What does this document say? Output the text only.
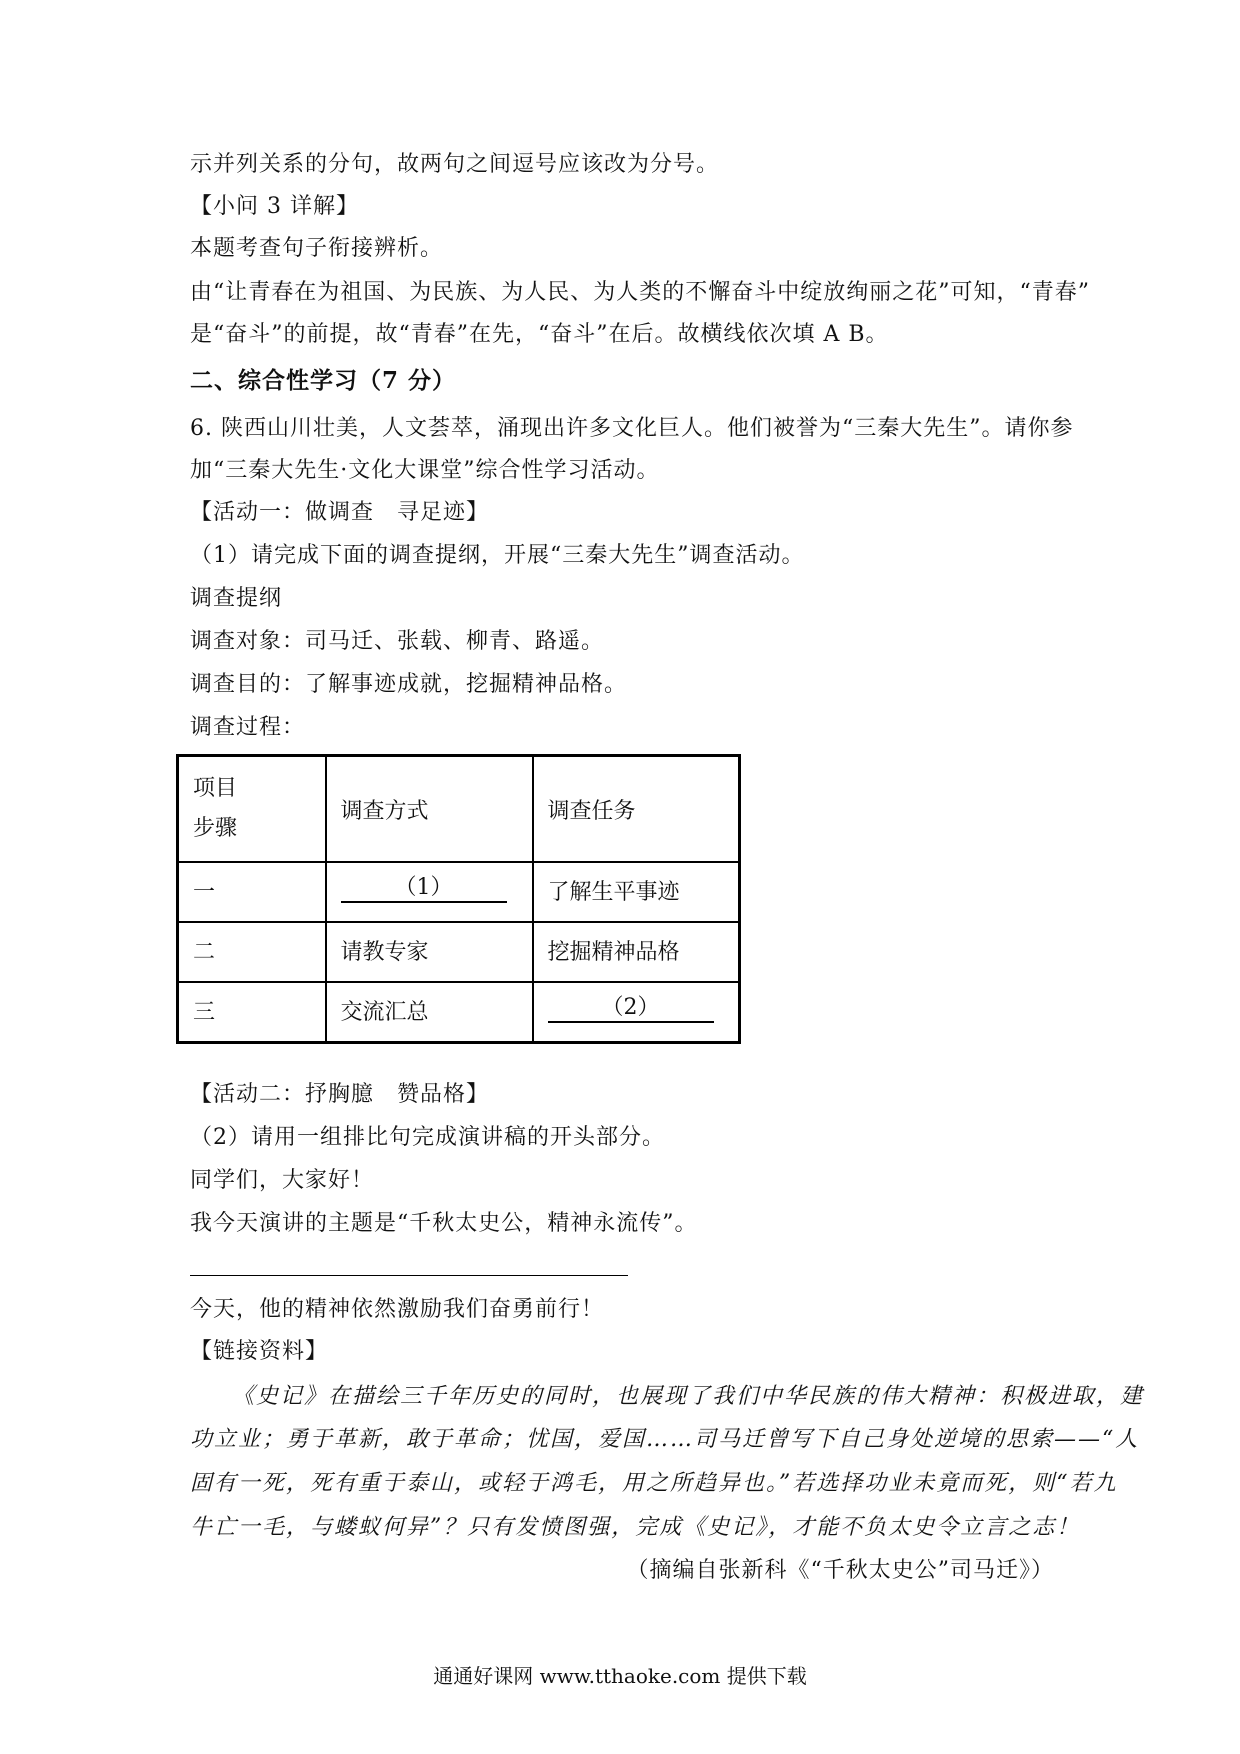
示并列关系的分句，故两句之间逗号应该改为分号。
【小问 3 详解】
本题考查句子衔接辨析。
由“让青春在为祖国、为民族、为人民、为人类的不懈奋斗中绽放绚丽之花”可知，“青春”
是“奋斗”的前提，故“青春”在先，“奋斗”在后。故横线依次填 A B。
二、综合性学习（7 分）
6. 陕西山川壮美，人文荟萃，涌现出许多文化巨人。他们被誉为“三秦大先生”。请你参
加“三秦大先生·文化大课堂”综合性学习活动。
【活动一：做调查　寻足迹】
（1）请完成下面的调查提纲，开展“三秦大先生”调查活动。
调查提纲
调查对象：司马迁、张载、柳青、路遥。
调查目的：了解事迹成就，挖掘精神品格。
调查过程：
项目
步骤	调查方式	调查任务
一	（1）	了解生平事迹
二	请教专家	挖掘精神品格
三	交流汇总	（2）
【活动二：抒胸臆　赞品格】
（2）请用一组排比句完成演讲稿的开头部分。
同学们，大家好！
我今天演讲的主题是“千秋太史公，精神永流传”。
今天，他的精神依然激励我们奋勇前行！
【链接资料】
《史记》在描绘三千年历史的同时，也展现了我们中华民族的伟大精神：积极进取，建
功立业；勇于革新，敢于革命；忧国，爱国……司马迁曾写下自己身处逆境的思索——“人
固有一死，死有重于泰山，或轻于鸿毛，用之所趋异也。”若选择功业未竟而死，则“若九
牛亡一毛，与蝼蚁何异”？只有发愤图强，完成《史记》，才能不负太史令立言之志！
（摘编自张新科《“千秋太史公”司马迁》）
通通好课网 www.tthaoke.com 提供下载
